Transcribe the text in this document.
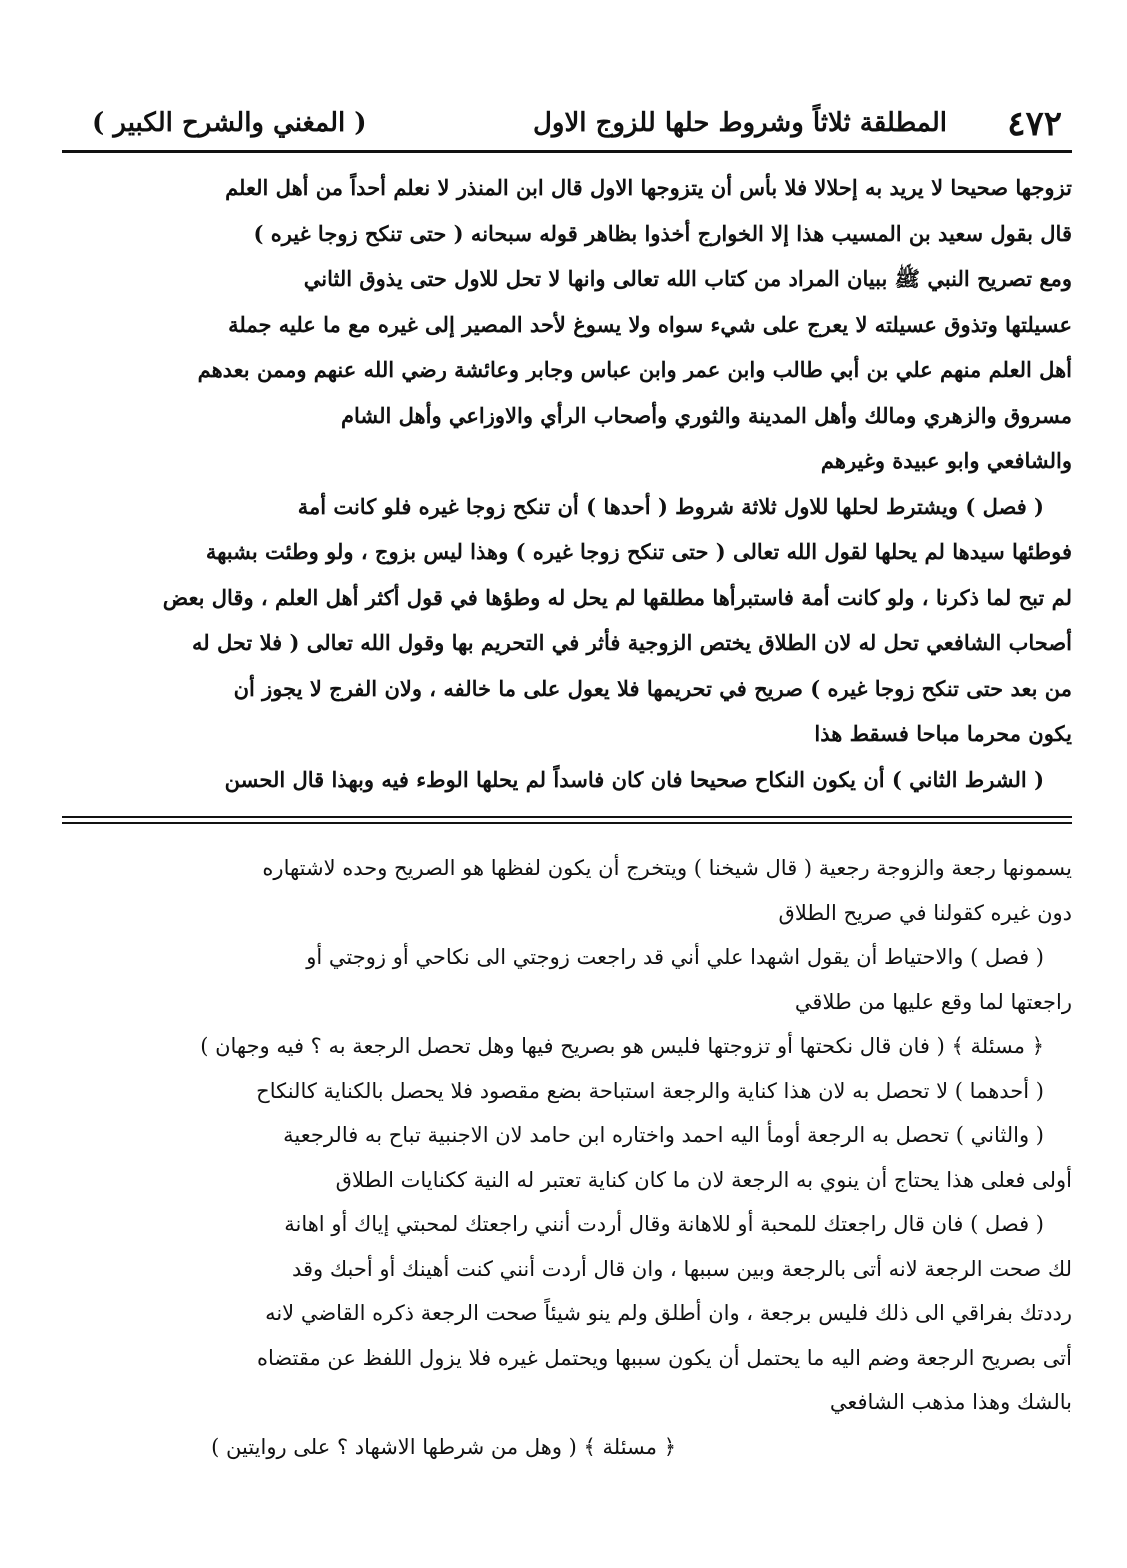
٤٧٢
المطلقة ثلاثاً وشروط حلها للزوج الاول
( المغني والشرح الكبير )
تزوجها صحيحا لا يريد به إحلالا فلا بأس أن يتزوجها الاول قال ابن المنذر لا نعلم أحداً من أهل العلم
قال بقول سعيد بن المسيب هذا إلا الخوارج أخذوا بظاهر قوله سبحانه ( حتى تنكح زوجا غيره )
ومع تصريح النبي ﷺ ببيان المراد من كتاب الله تعالى وانها لا تحل للاول حتى يذوق الثاني
عسيلتها وتذوق عسيلته لا يعرج على شيء سواه ولا يسوغ لأحد المصير إلى غيره مع ما عليه جملة
أهل العلم منهم علي بن أبي طالب وابن عمر وابن عباس وجابر وعائشة رضي الله عنهم وممن بعدهم
مسروق والزهري ومالك وأهل المدينة والثوري وأصحاب الرأي والاوزاعي وأهل الشام
والشافعي وابو عبيدة وغيرهم
( فصل ) ويشترط لحلها للاول ثلاثة شروط ( أحدها ) أن تنكح زوجا غيره فلو كانت أمة
فوطئها سيدها لم يحلها لقول الله تعالى ( حتى تنكح زوجا غيره ) وهذا ليس بزوج ، ولو وطئت بشبهة
لم تبح لما ذكرنا ، ولو كانت أمة فاستبرأها مطلقها لم يحل له وطؤها في قول أكثر أهل العلم ، وقال بعض
أصحاب الشافعي تحل له لان الطلاق يختص الزوجية فأثر في التحريم بها وقول الله تعالى ( فلا تحل له
من بعد حتى تنكح زوجا غيره ) صريح في تحريمها فلا يعول على ما خالفه ، ولان الفرج لا يجوز أن
يكون محرما مباحا فسقط هذا
( الشرط الثاني ) أن يكون النكاح صحيحا فان كان فاسداً لم يحلها الوطء فيه وبهذا قال الحسن
يسمونها رجعة والزوجة رجعية ( قال شيخنا ) ويتخرج أن يكون لفظها هو الصريح وحده لاشتهاره
دون غيره كقولنا في صريح الطلاق
( فصل ) والاحتياط أن يقول اشهدا علي أني قد راجعت زوجتي الى نكاحي أو زوجتي أو
راجعتها لما وقع عليها من طلاقي
﴿ مسئلة ﴾ ( فان قال نكحتها أو تزوجتها فليس هو بصريح فيها وهل تحصل الرجعة به ؟ فيه وجهان )
( أحدهما ) لا تحصل به لان هذا كناية والرجعة استباحة بضع مقصود فلا يحصل بالكناية كالنكاح
( والثاني ) تحصل به الرجعة أومأ اليه احمد واختاره ابن حامد لان الاجنبية تباح به فالرجعية
أولى فعلى هذا يحتاج أن ينوي به الرجعة لان ما كان كناية تعتبر له النية ككنايات الطلاق
( فصل ) فان قال راجعتك للمحبة أو للاهانة وقال أردت أنني راجعتك لمحبتي إياك أو اهانة
لك صحت الرجعة لانه أتى بالرجعة وبين سببها ، وان قال أردت أنني كنت أهينك أو أحبك وقد
رددتك بفراقي الى ذلك فليس برجعة ، وان أطلق ولم ينو شيئاً صحت الرجعة ذكره القاضي لانه
أتى بصريح الرجعة وضم اليه ما يحتمل أن يكون سببها ويحتمل غيره فلا يزول اللفظ عن مقتضاه
بالشك وهذا مذهب الشافعي
﴿ مسئلة ﴾ ( وهل من شرطها الاشهاد ؟ على روايتين )
